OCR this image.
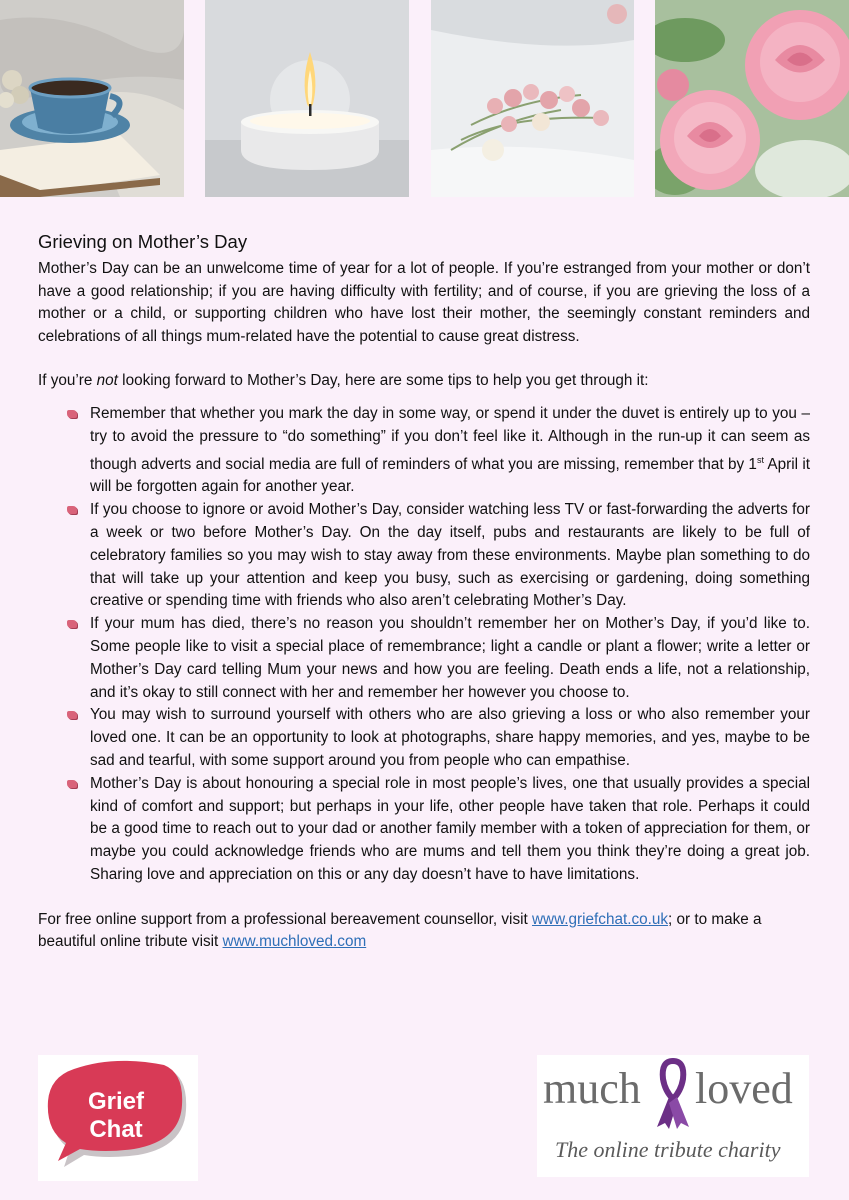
Grieving on Mother’s Day

Mother’s Day can be an unwelcome time of year for a lot of people. If you’re estranged from your mother or don’t have a good relationship; if you are having difficulty with fertility; and of course, if you are grieving the loss of a mother or a child, or supporting children who have lost their mother, the seemingly constant reminders and celebrations of all things mum-related have the potential to cause great distress.

If you’re not looking forward to Mother’s Day, here are some tips to help you get through it:

Remember that whether you mark the day in some way, or spend it under the duvet is entirely up to you – try to avoid the pressure to “do something” if you don’t feel like it. Although in the run-up it can seem as though adverts and social media are full of reminders of what you are missing, remember that by 1st April it will be forgotten again for another year.
If you choose to ignore or avoid Mother’s Day, consider watching less TV or fast-forwarding the adverts for a week or two before Mother’s Day. On the day itself, pubs and restaurants are likely to be full of celebratory families so you may wish to stay away from these environments. Maybe plan something to do that will take up your attention and keep you busy, such as exercising or gardening, doing something creative or spending time with friends who also aren’t celebrating Mother’s Day.
If your mum has died, there’s no reason you shouldn’t remember her on Mother’s Day, if you’d like to. Some people like to visit a special place of remembrance; light a candle or plant a flower; write a letter or Mother’s Day card telling Mum your news and how you are feeling. Death ends a life, not a relationship, and it’s okay to still connect with her and remember her however you choose to.
You may wish to surround yourself with others who are also grieving a loss or who also remember your loved one. It can be an opportunity to look at photographs, share happy memories, and yes, maybe to be sad and tearful, with some support around you from people who can empathise.
Mother’s Day is about honouring a special role in most people’s lives, one that usually provides a special kind of comfort and support; but perhaps in your life, other people have taken that role. Perhaps it could be a good time to reach out to your dad or another family member with a token of appreciation for them, or maybe you could acknowledge friends who are mums and tell them you think they’re doing a great job. Sharing love and appreciation on this or any day doesn’t have to have limitations.

For free online support from a professional bereavement counsellor, visit www.griefchat.co.uk; or to make a beautiful online tribute visit www.muchloved.com

Grief
Chat
much loved
The online tribute charity
